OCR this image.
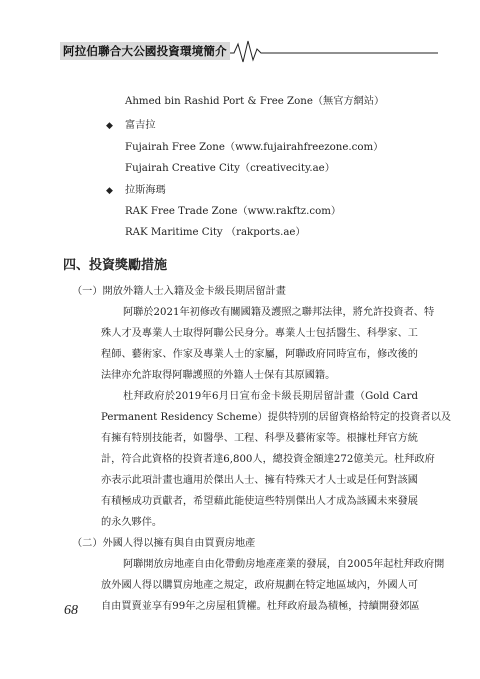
阿拉伯聯合大公國投資環境簡介
Ahmed bin Rashid Port & Free Zone（無官方網站）
◆ 富吉拉
Fujairah Free Zone（www.fujairahfreezone.com）
Fujairah Creative City（creativecity.ae）
◆ 拉斯海瑪
RAK Free Trade Zone（www.rakftz.com）
RAK Maritime City （rakports.ae）
四、投資獎勵措施
（一）開放外籍人士入籍及金卡級長期居留計畫
阿聯於2021年初修改有關國籍及護照之聯邦法律，將允許投資者、特
殊人才及專業人士取得阿聯公民身分。專業人士包括醫生、科學家、工
程師、藝術家、作家及專業人士的家屬，阿聯政府同時宣布，修改後的
法律亦允許取得阿聯護照的外籍人士保有其原國籍。
杜拜政府於2019年6月日宣布金卡級長期居留計畫（Gold Card
Permanent Residency Scheme）提供特別的居留資格給特定的投資者以及
有擁有特別技能者，如醫學、工程、科學及藝術家等。根據杜拜官方統
計，符合此資格的投資者達6,800人，總投資金額達272億美元。杜拜政府
亦表示此項計畫也適用於傑出人士、擁有特殊天才人士或是任何對該國
有積極成功貢獻者，希望藉此能使這些特別傑出人才成為該國未來發展
的永久夥伴。
（二）外國人得以擁有與自由買賣房地產
阿聯開放房地產自由化帶動房地產產業的發展，自2005年起杜拜政府開
放外國人得以購買房地產之規定，政府規劃在特定地區域內，外國人可
自由買賣並享有99年之房屋租賃權。杜拜政府最為積極，持續開發郊區
68
